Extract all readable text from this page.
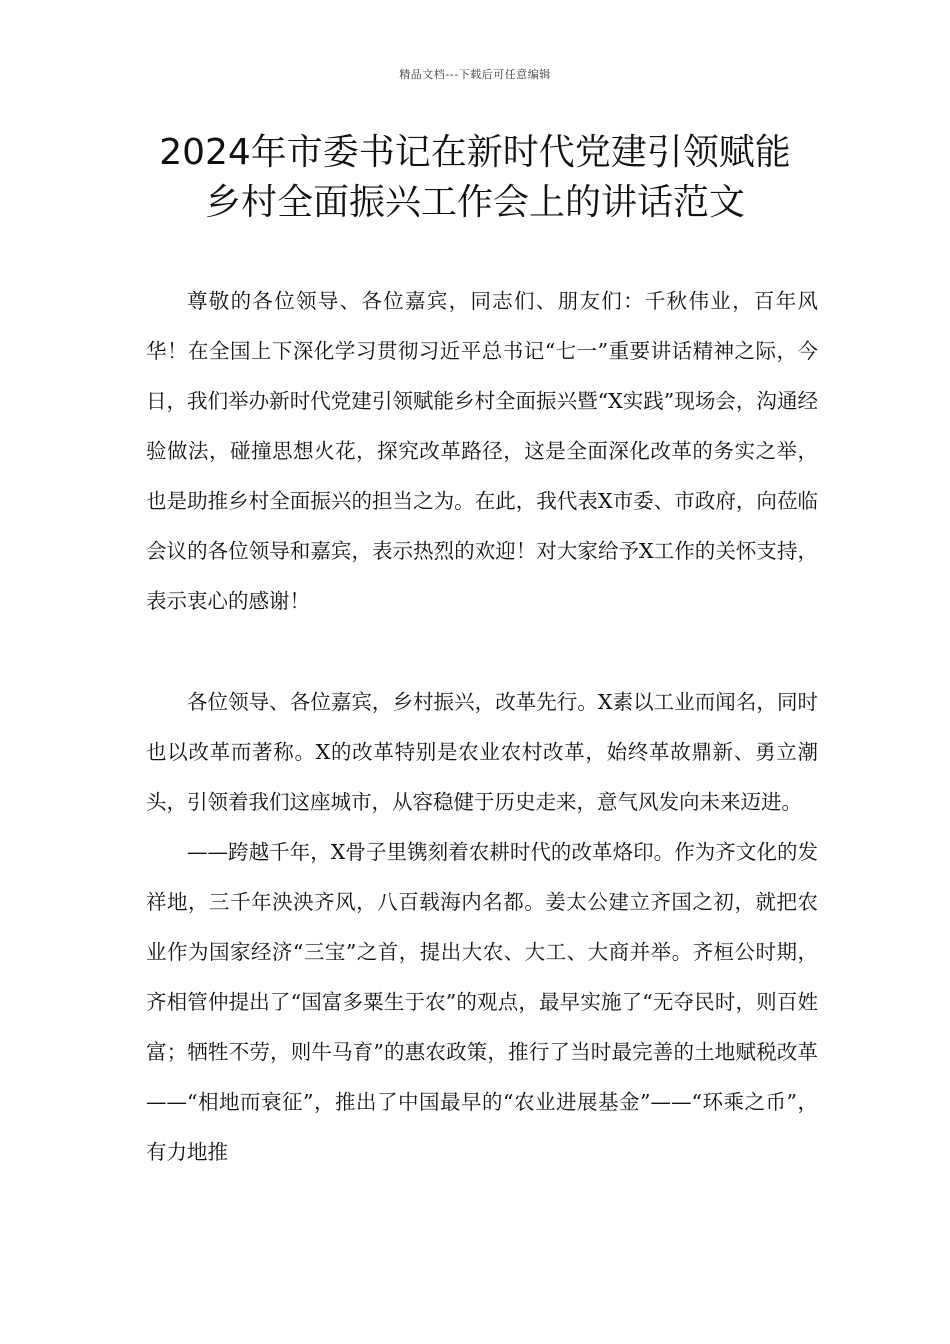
精品文档---下载后可任意编辑
2024年市委书记在新时代党建引领赋能
乡村全面振兴工作会上的讲话范文

尊敬的各位领导、各位嘉宾，同志们、朋友们：千秋伟业，百年风华！在全国上下深化学习贯彻习近平总书记“七一”重要讲话精神之际，今日，我们举办新时代党建引领赋能乡村全面振兴暨“X实践”现场会，沟通经验做法，碰撞思想火花，探究改革路径，这是全面深化改革的务实之举，也是助推乡村全面振兴的担当之为。在此，我代表X市委、市政府，向莅临会议的各位领导和嘉宾，表示热烈的欢迎！对大家给予X工作的关怀支持，表示衷心的感谢！

各位领导、各位嘉宾，乡村振兴，改革先行。X素以工业而闻名，同时也以改革而著称。X的改革特别是农业农村改革，始终革故鼎新、勇立潮头，引领着我们这座城市，从容稳健于历史走来，意气风发向未来迈进。

——跨越千年，X骨子里镌刻着农耕时代的改革烙印。作为齐文化的发祥地，三千年泱泱齐风，八百载海内名都。姜太公建立齐国之初，就把农业作为国家经济“三宝”之首，提出大农、大工、大商并举。齐桓公时期，齐相管仲提出了“国富多粟生于农”的观点，最早实施了“无夺民时，则百姓富；牺牲不劳，则牛马育”的惠农政策，推行了当时最完善的土地赋税改革——“相地而衰征”，推出了中国最早的“农业进展基金”——“环乘之币”，有力地推
